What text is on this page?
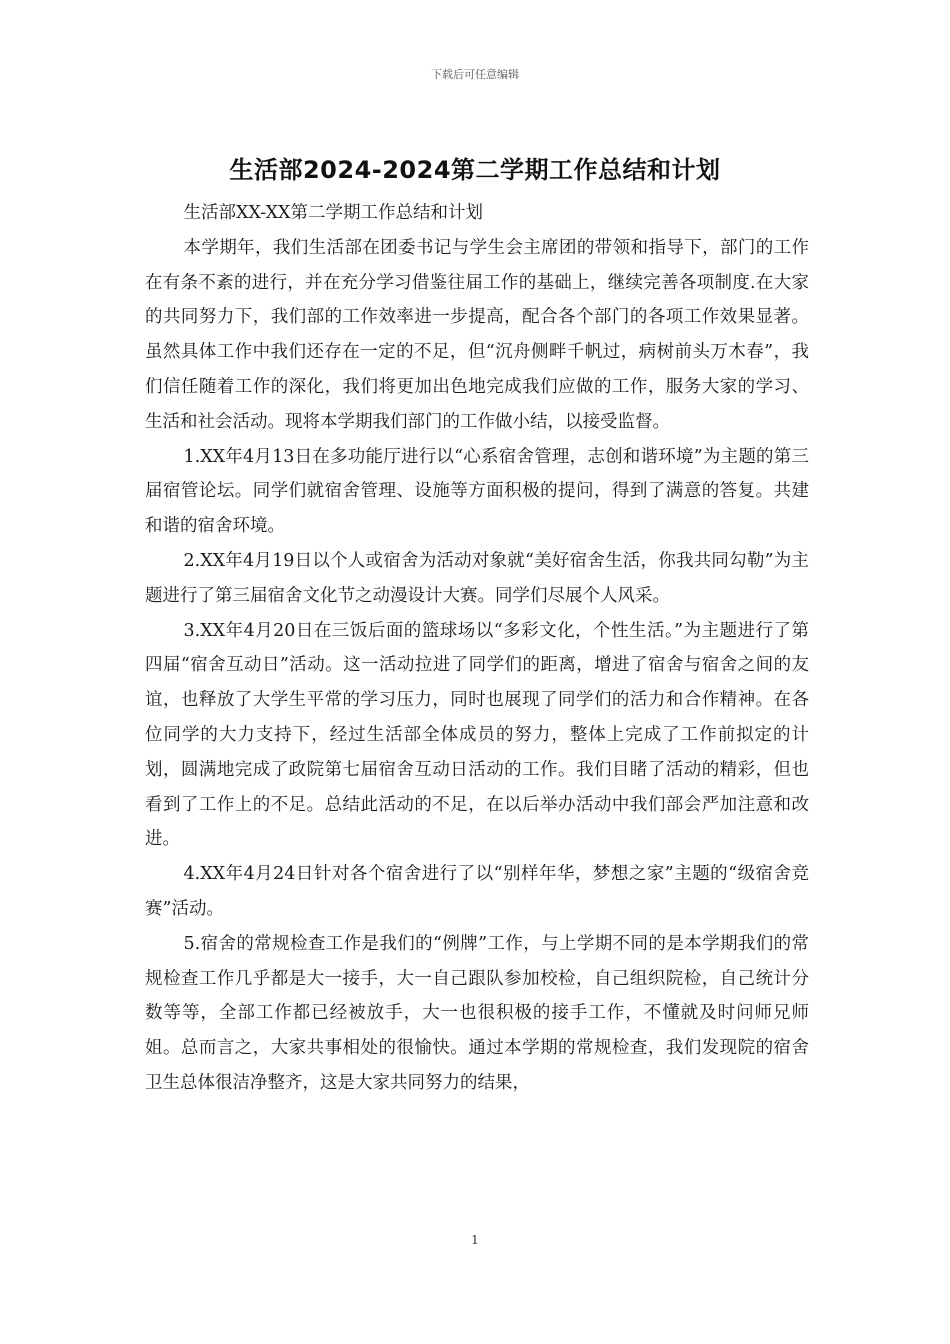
下载后可任意编辑
生活部2024-2024第二学期工作总结和计划

生活部XX-XX第二学期工作总结和计划

本学期年，我们生活部在团委书记与学生会主席团的带领和指导下，部门的工作在有条不紊的进行，并在充分学习借鉴往届工作的基础上，继续完善各项制度.在大家的共同努力下，我们部的工作效率进一步提高，配合各个部门的各项工作效果显著。虽然具体工作中我们还存在一定的不足，但“沉舟侧畔千帆过，病树前头万木春”，我们信任随着工作的深化，我们将更加出色地完成我们应做的工作，服务大家的学习、生活和社会活动。现将本学期我们部门的工作做小结，以接受监督。

1.XX年4月13日在多功能厅进行以“心系宿舍管理，志创和谐环境”为主题的第三届宿管论坛。同学们就宿舍管理、设施等方面积极的提问，得到了满意的答复。共建和谐的宿舍环境。

2.XX年4月19日以个人或宿舍为活动对象就“美好宿舍生活，你我共同勾勒”为主题进行了第三届宿舍文化节之动漫设计大赛。同学们尽展个人风采。

3.XX年4月20日在三饭后面的篮球场以“多彩文化，个性生活。”为主题进行了第四届“宿舍互动日”活动。这一活动拉进了同学们的距离，增进了宿舍与宿舍之间的友谊，也释放了大学生平常的学习压力，同时也展现了同学们的活力和合作精神。在各位同学的大力支持下，经过生活部全体成员的努力，整体上完成了工作前拟定的计划，圆满地完成了政院第七届宿舍互动日活动的工作。我们目睹了活动的精彩，但也看到了工作上的不足。总结此活动的不足，在以后举办活动中我们部会严加注意和改进。

4.XX年4月24日针对各个宿舍进行了以“别样年华，梦想之家”主题的“级宿舍竞赛”活动。

5.宿舍的常规检查工作是我们的“例牌”工作，与上学期不同的是本学期我们的常规检查工作几乎都是大一接手，大一自己跟队参加校检，自己组织院检，自己统计分数等等，全部工作都已经被放手，大一也很积极的接手工作，不懂就及时问师兄师姐。总而言之，大家共事相处的很愉快。通过本学期的常规检查，我们发现院的宿舍卫生总体很洁净整齐，这是大家共同努力的结果，

1
